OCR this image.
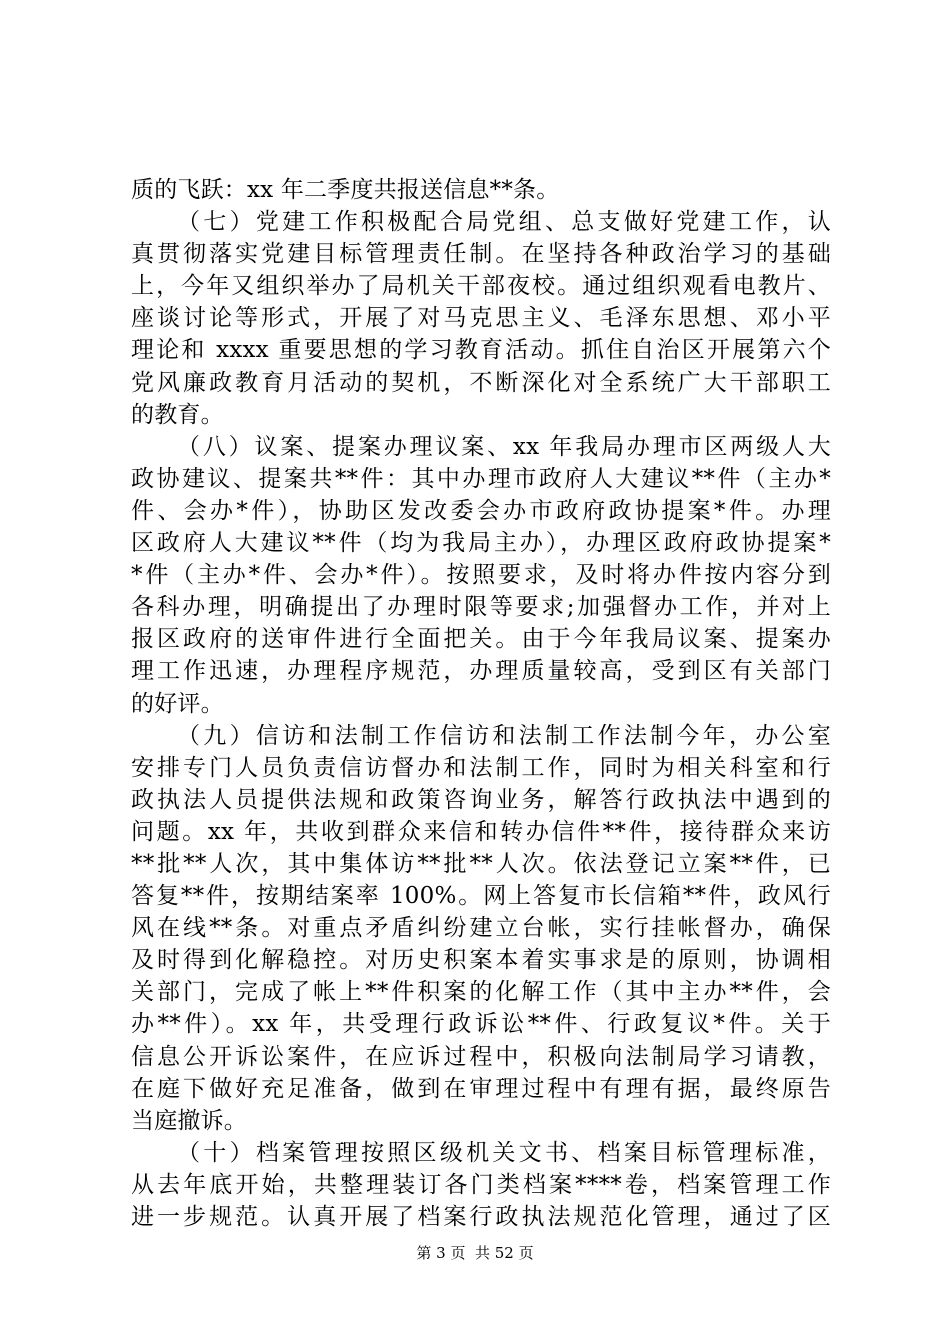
质的飞跃：xx 年二季度共报送信息**条。
（七）党建工作积极配合局党组、总支做好党建工作，认
真贯彻落实党建目标管理责任制。在坚持各种政治学习的基础
上，今年又组织举办了局机关干部夜校。通过组织观看电教片、
座谈讨论等形式，开展了对马克思主义、毛泽东思想、邓小平
理论和 xxxx 重要思想的学习教育活动。抓住自治区开展第六个
党风廉政教育月活动的契机，不断深化对全系统广大干部职工
的教育。
（八）议案、提案办理议案、xx 年我局办理市区两级人大
政协建议、提案共**件：其中办理市政府人大建议**件（主办*
件、会办*件），协助区发改委会办市政府政协提案*件。办理
区政府人大建议**件（均为我局主办），办理区政府政协提案*
*件（主办*件、会办*件）。按照要求，及时将办件按内容分到
各科办理，明确提出了办理时限等要求;加强督办工作，并对上
报区政府的送审件进行全面把关。由于今年我局议案、提案办
理工作迅速，办理程序规范，办理质量较高，受到区有关部门
的好评。
（九）信访和法制工作信访和法制工作法制今年，办公室
安排专门人员负责信访督办和法制工作，同时为相关科室和行
政执法人员提供法规和政策咨询业务，解答行政执法中遇到的
问题。xx 年，共收到群众来信和转办信件**件，接待群众来访
**批**人次，其中集体访**批**人次。依法登记立案**件，已
答复**件，按期结案率 100%。网上答复市长信箱**件，政风行
风在线**条。对重点矛盾纠纷建立台帐，实行挂帐督办，确保
及时得到化解稳控。对历史积案本着实事求是的原则，协调相
关部门，完成了帐上**件积案的化解工作（其中主办**件，会
办**件）。xx 年，共受理行政诉讼**件、行政复议*件。关于
信息公开诉讼案件，在应诉过程中，积极向法制局学习请教，
在庭下做好充足准备，做到在审理过程中有理有据，最终原告
当庭撤诉。
（十）档案管理按照区级机关文书、档案目标管理标准，
从去年底开始，共整理装订各门类档案****卷，档案管理工作
进一步规范。认真开展了档案行政执法规范化管理，通过了区
第 3 页  共 52 页
